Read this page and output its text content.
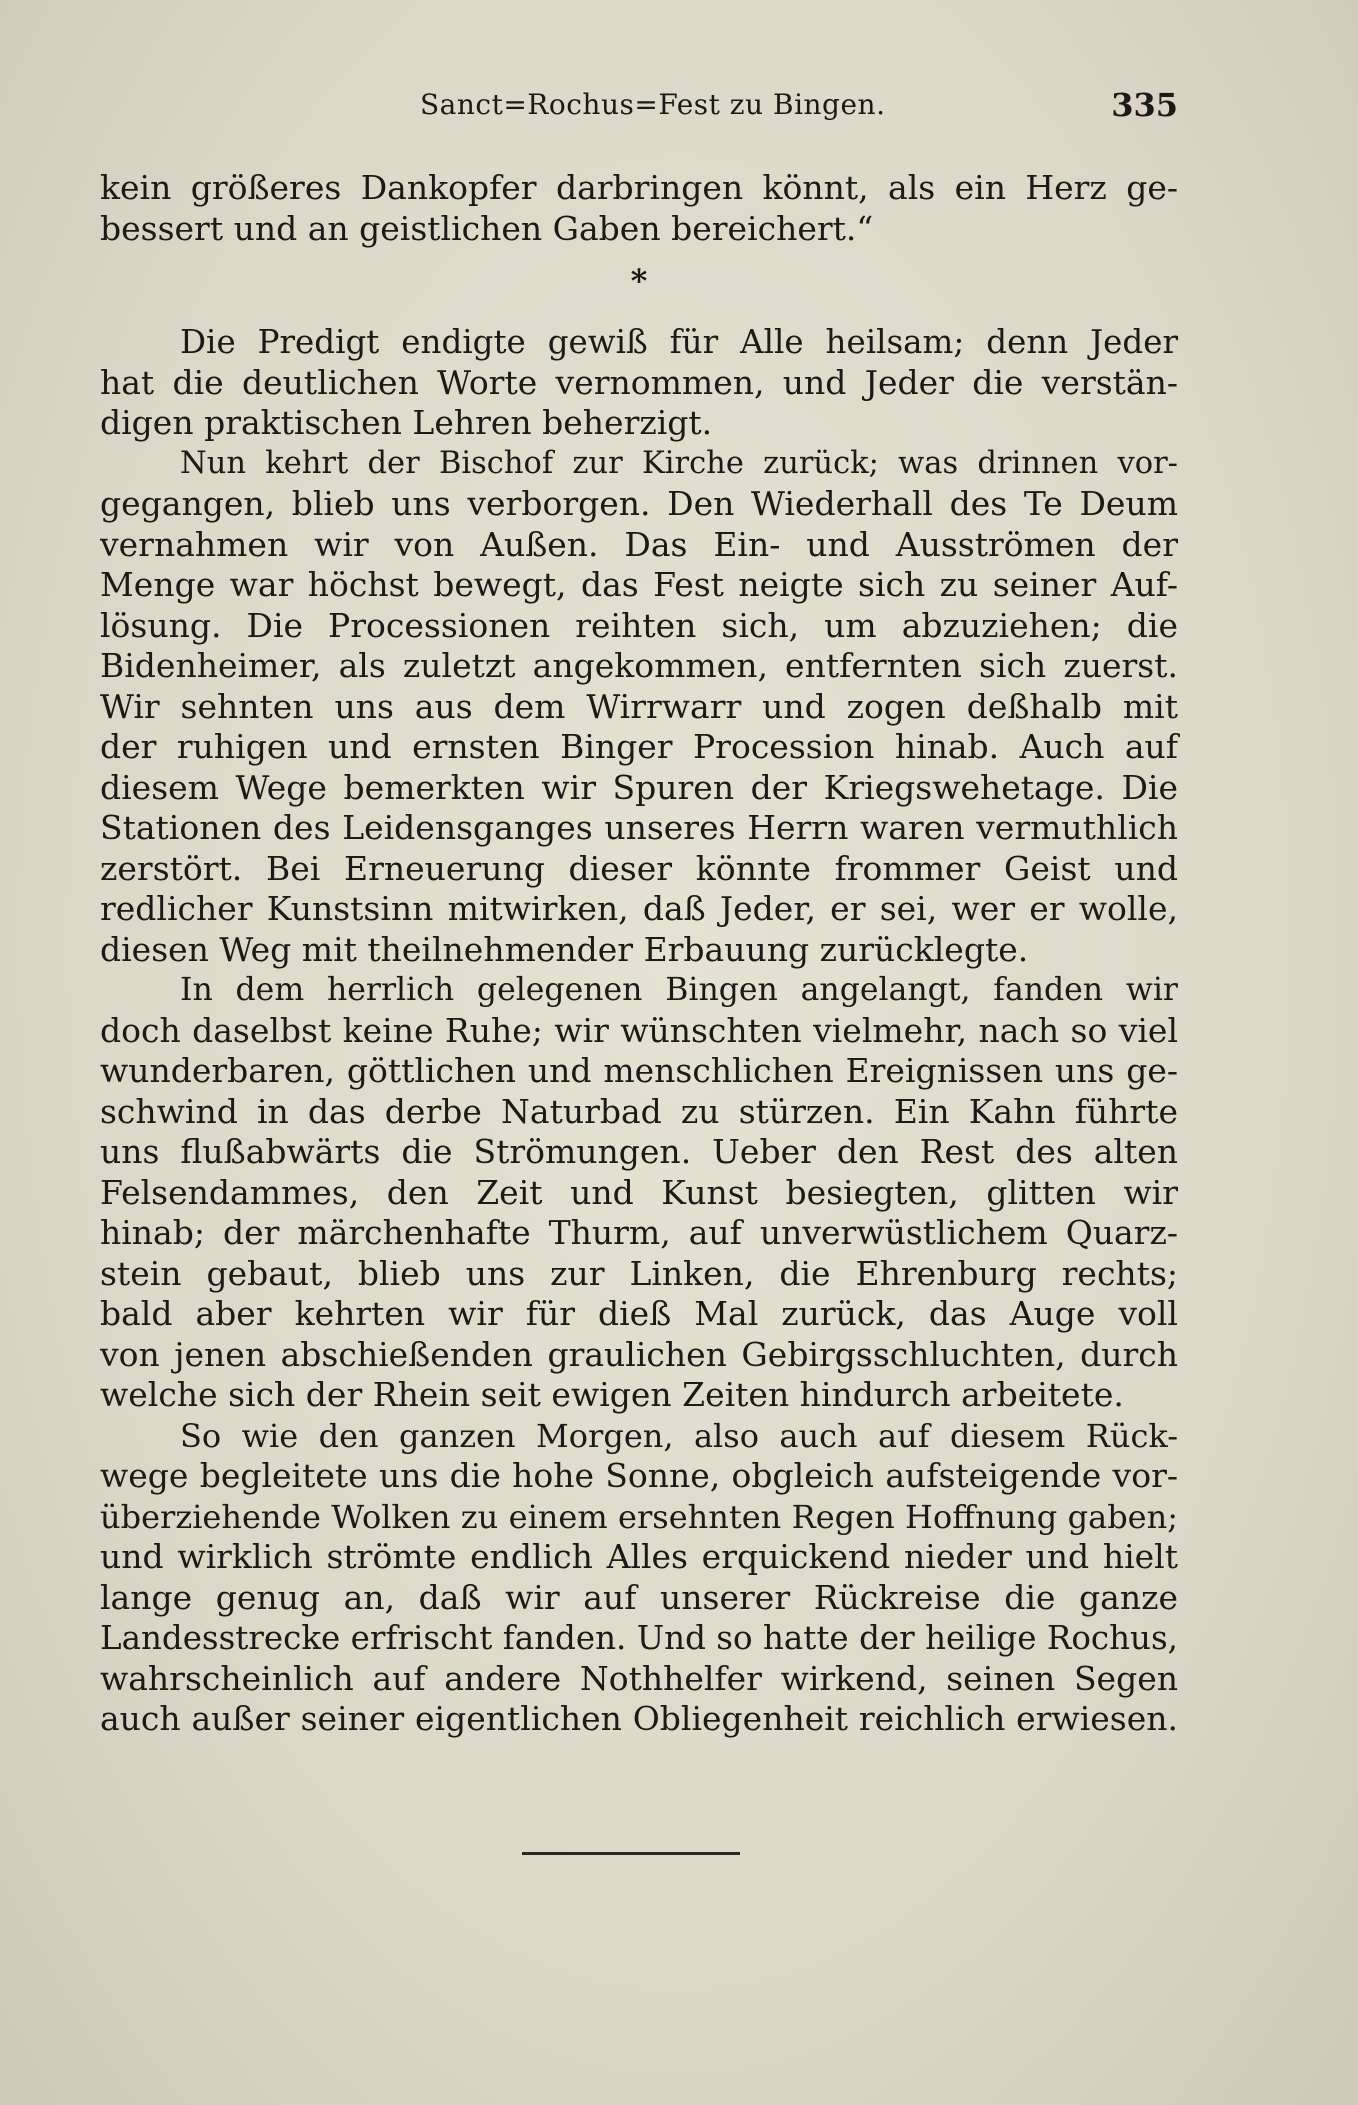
Sanct=Rochus=Fest zu Bingen.	335
kein größeres Dankopfer darbringen könnt, als ein Herz ge-
bessert und an geistlichen Gaben bereichert.“
*
Die Predigt endigte gewiß für Alle heilsam; denn Jeder
hat die deutlichen Worte vernommen, und Jeder die verstän-
digen praktischen Lehren beherzigt.
Nun kehrt der Bischof zur Kirche zurück; was drinnen vor-
gegangen, blieb uns verborgen. Den Wiederhall des Te Deum
vernahmen wir von Außen. Das Ein- und Ausströmen der
Menge war höchst bewegt, das Fest neigte sich zu seiner Auf-
lösung. Die Processionen reihten sich, um abzuziehen; die
Bidenheimer, als zuletzt angekommen, entfernten sich zuerst.
Wir sehnten uns aus dem Wirrwarr und zogen deßhalb mit
der ruhigen und ernsten Binger Procession hinab. Auch auf
diesem Wege bemerkten wir Spuren der Kriegswehetage. Die
Stationen des Leidensganges unseres Herrn waren vermuthlich
zerstört. Bei Erneuerung dieser könnte frommer Geist und
redlicher Kunstsinn mitwirken, daß Jeder, er sei, wer er wolle,
diesen Weg mit theilnehmender Erbauung zurücklegte.
In dem herrlich gelegenen Bingen angelangt, fanden wir
doch daselbst keine Ruhe; wir wünschten vielmehr, nach so viel
wunderbaren, göttlichen und menschlichen Ereignissen uns ge-
schwind in das derbe Naturbad zu stürzen. Ein Kahn führte
uns flußabwärts die Strömungen. Ueber den Rest des alten
Felsendammes, den Zeit und Kunst besiegten, glitten wir
hinab; der märchenhafte Thurm, auf unverwüstlichem Quarz-
stein gebaut, blieb uns zur Linken, die Ehrenburg rechts;
bald aber kehrten wir für dieß Mal zurück, das Auge voll
von jenen abschießenden graulichen Gebirgsschluchten, durch
welche sich der Rhein seit ewigen Zeiten hindurch arbeitete.
So wie den ganzen Morgen, also auch auf diesem Rück-
wege begleitete uns die hohe Sonne, obgleich aufsteigende vor-
überziehende Wolken zu einem ersehnten Regen Hoffnung gaben;
und wirklich strömte endlich Alles erquickend nieder und hielt
lange genug an, daß wir auf unserer Rückreise die ganze
Landesstrecke erfrischt fanden. Und so hatte der heilige Rochus,
wahrscheinlich auf andere Nothhelfer wirkend, seinen Segen
auch außer seiner eigentlichen Obliegenheit reichlich erwiesen.
